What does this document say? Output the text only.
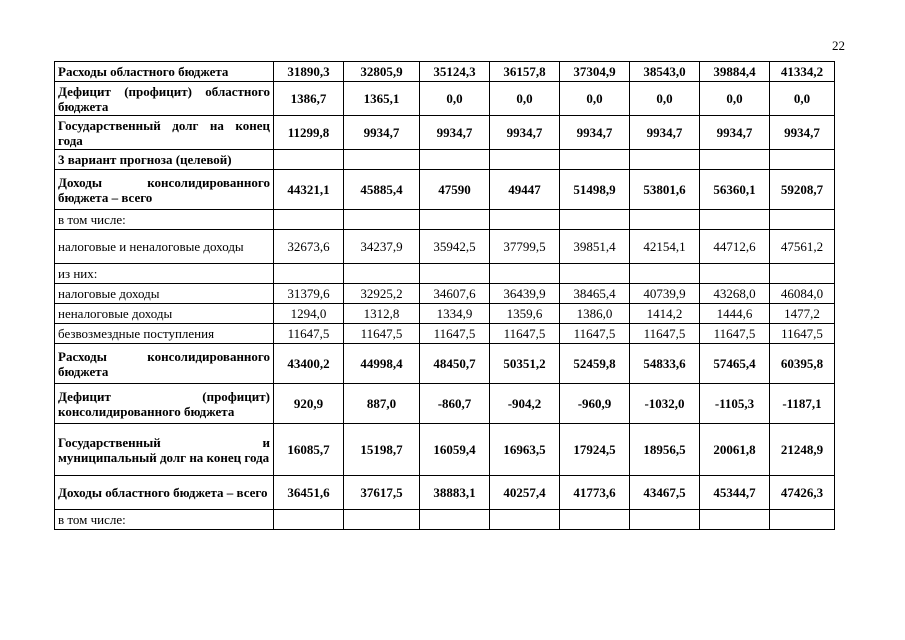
22
Расходы областного бюджета	31890,3	32805,9	35124,3	36157,8	37304,9	38543,0	39884,4	41334,2
Дефицит (профицит) областного бюджета	1386,7	1365,1	0,0	0,0	0,0	0,0	0,0	0,0
Государственный долг на конец года	11299,8	9934,7	9934,7	9934,7	9934,7	9934,7	9934,7	9934,7
3 вариант прогноза (целевой)								
Доходы консолидированного бюджета – всего	44321,1	45885,4	47590	49447	51498,9	53801,6	56360,1	59208,7
в том числе:								
налоговые и неналоговые доходы	32673,6	34237,9	35942,5	37799,5	39851,4	42154,1	44712,6	47561,2
из них:								
налоговые доходы	31379,6	32925,2	34607,6	36439,9	38465,4	40739,9	43268,0	46084,0
неналоговые доходы	1294,0	1312,8	1334,9	1359,6	1386,0	1414,2	1444,6	1477,2
безвозмездные поступления	11647,5	11647,5	11647,5	11647,5	11647,5	11647,5	11647,5	11647,5
Расходы консолидированного бюджета	43400,2	44998,4	48450,7	50351,2	52459,8	54833,6	57465,4	60395,8
Дефицит (профицит) консолидированного бюджета	920,9	887,0	-860,7	-904,2	-960,9	-1032,0	-1105,3	-1187,1
Государственный и муниципальный долг на конец года	16085,7	15198,7	16059,4	16963,5	17924,5	18956,5	20061,8	21248,9
Доходы областного бюджета – всего	36451,6	37617,5	38883,1	40257,4	41773,6	43467,5	45344,7	47426,3
в том числе:								
